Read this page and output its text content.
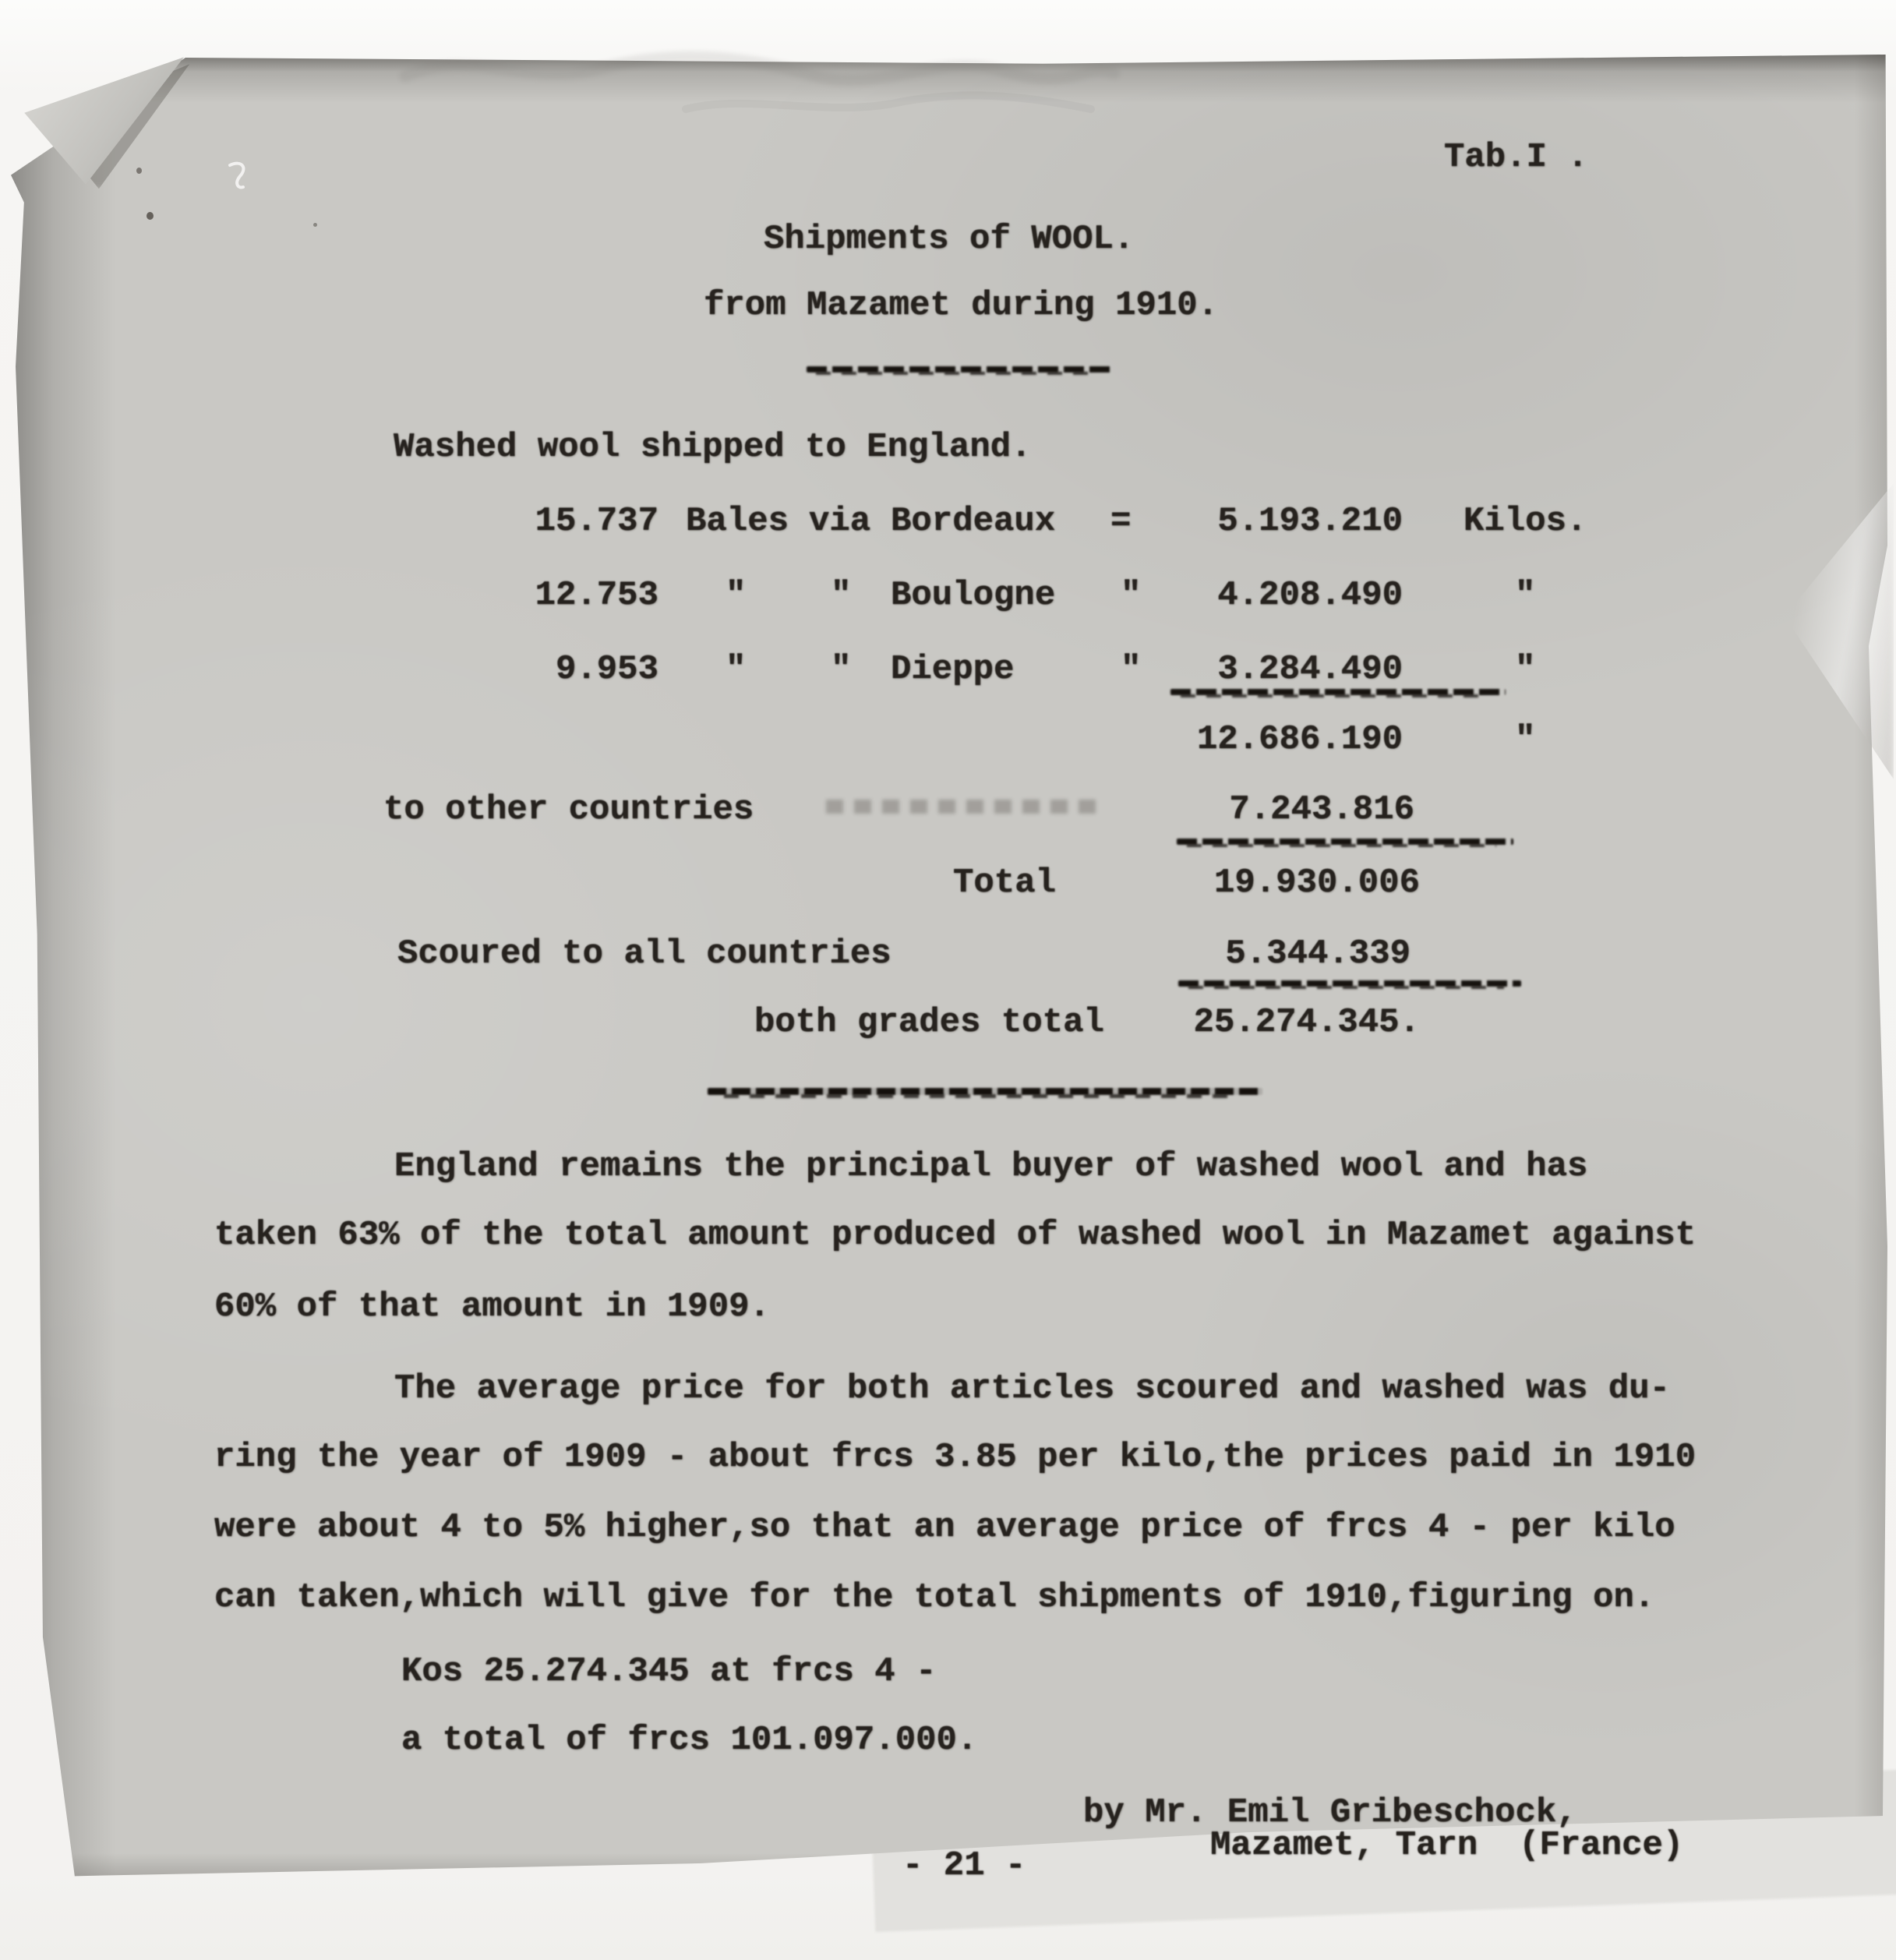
Tab.I .
Shipments of WOOL.
from Mazamet during 1910.
Washed wool shipped to England.
15.737 Bales via Bordeaux =	5.193.210 Kilos.
12.753 ″ ″ Boulogne ″	4.208.490	″
9.953 ″ ″ Dieppe	″	3.284.490	″
12.686.190	″
to other countries	7.243.816
Total	19.930.006
Scoured to all countries	5.344.339
both grades total	25.274.345.
England remains the principal buyer of washed wool and has
taken 63% of the total amount produced of washed wool in Mazamet against
60% of that amount in 1909.
The average price for both articles scoured and washed was du-
ring the year of 1909 - about frcs 3.85 per kilo,the prices paid in 1910
were about 4 to 5% higher,so that an average price of frcs 4 - per kilo
can taken,which will give for the total shipments of 1910,figuring on.
Kos 25.274.345 at frcs 4 -
a total of frcs 101.097.000.
by Mr. Emil Gribeschock,
Mazamet, Tarn  (France)
- 21 -
